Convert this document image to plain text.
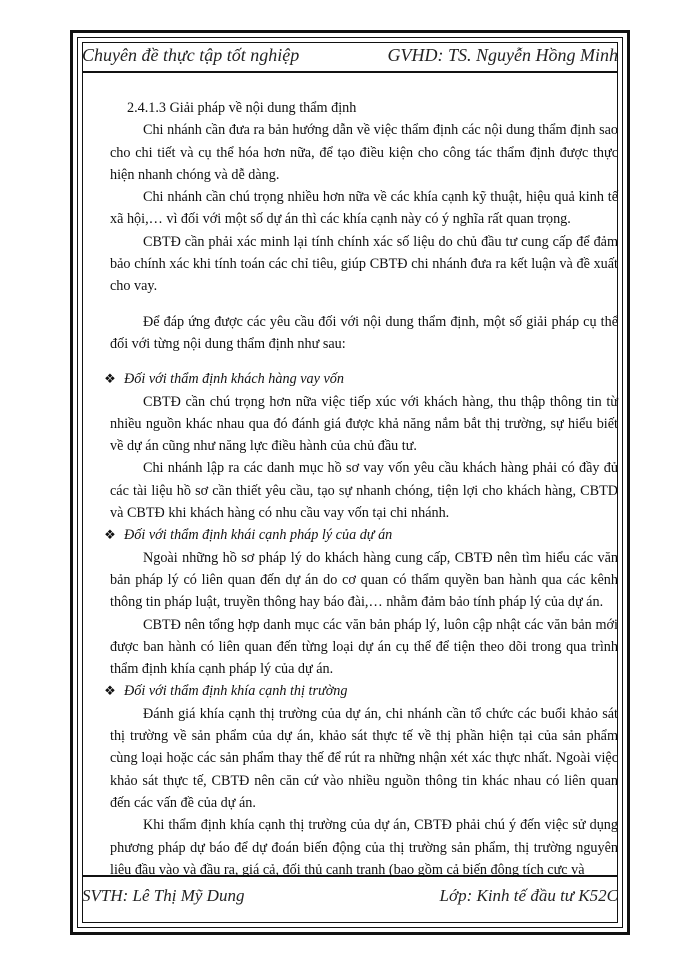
Chuyên đề thực tập tốt nghiệp	GVHD: TS. Nguyễn Hồng Minh

2.4.1.3 Giải pháp về nội dung thẩm định

Chi nhánh cần đưa ra bản hướng dẫn về việc thẩm định các nội dung thẩm định sao cho chi tiết và cụ thể hóa hơn nữa, để tạo điều kiện cho công tác thẩm định được thực hiện nhanh chóng và dễ dàng.

Chi nhánh cần chú trọng nhiều hơn nữa về các khía cạnh kỹ thuật, hiệu quả kinh tế xã hội,… vì đối với một số dự án thì các khía cạnh này có ý nghĩa rất quan trọng.

CBTĐ cần phải xác minh lại tính chính xác số liệu do chủ đầu tư cung cấp để đảm bảo chính xác khi tính toán các chỉ tiêu, giúp CBTĐ chi nhánh đưa ra kết luận và đề xuất cho vay.

Để đáp ứng được các yêu cầu đối với nội dung thẩm định, một số giải pháp cụ thể đối với từng nội dung thẩm định như sau:

❖ Đối với thẩm định khách hàng vay vốn

CBTĐ cần chú trọng hơn nữa việc tiếp xúc với khách hàng, thu thập thông tin từ nhiều nguồn khác nhau qua đó đánh giá được khả năng nắm bắt thị trường, sự hiểu biết về dự án cũng như năng lực điều hành của chủ đầu tư.

Chi nhánh lập ra các danh mục hồ sơ vay vốn yêu cầu khách hàng phải có đầy đủ các tài liệu hồ sơ cần thiết yêu cầu, tạo sự nhanh chóng, tiện lợi cho khách hàng, CBTD và CBTĐ khi khách hàng có nhu cầu vay vốn tại chi nhánh.

❖ Đối với thẩm định khái cạnh pháp lý của dự án

Ngoài những hồ sơ pháp lý do khách hàng cung cấp, CBTĐ nên tìm hiểu các văn bản pháp lý có liên quan đến dự án do cơ quan có thẩm quyền ban hành qua các kênh thông tin pháp luật, truyền thông hay báo đài,… nhằm đảm bảo tính pháp lý của dự án.

CBTĐ nên tổng hợp danh mục các văn bản pháp lý, luôn cập nhật các văn bản mới được ban hành có liên quan đến từng loại dự án cụ thể để tiện theo dõi trong qua trình thẩm định khía cạnh pháp lý của dự án.

❖ Đối với thẩm định khía cạnh thị trường

Đánh giá khía cạnh thị trường của dự án, chi nhánh cần tổ chức các buổi khảo sát thị trường về sản phẩm của dự án, khảo sát thực tế về thị phần hiện tại của sản phẩm cùng loại hoặc các sản phẩm thay thế để rút ra những nhận xét xác thực nhất. Ngoài việc khảo sát thực tế, CBTĐ nên căn cứ vào nhiều nguồn thông tin khác nhau có liên quan đến các vấn đề của dự án.

Khi thẩm định khía cạnh thị trường của dự án, CBTĐ phải chú ý đến việc sử dụng phương pháp dự báo để dự đoán biến động của thị trường sản phẩm, thị trường nguyên liệu đầu vào và đầu ra, giá cả, đối thủ cạnh tranh (bao gồm cả biến động tích cực và

SVTH: Lê Thị Mỹ Dung	Lớp: Kinh tế đầu tư K52C
